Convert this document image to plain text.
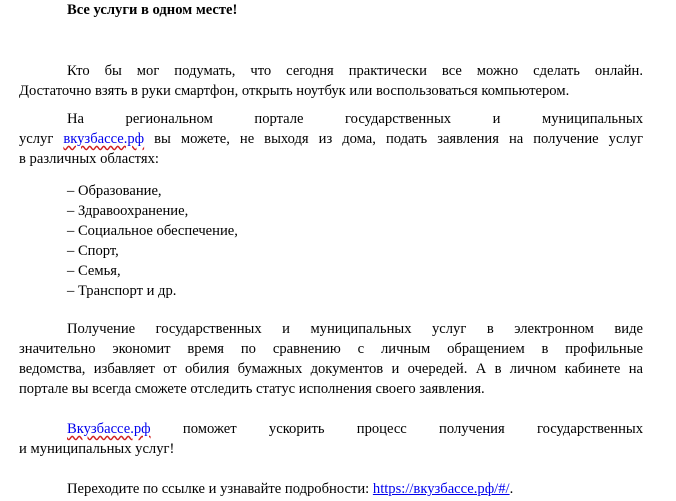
Все услуги в одном месте!

Кто бы мог подумать, что сегодня практически все можно сделать онлайн.
Достаточно взять в руки смартфон, открыть ноутбук или воспользоваться компьютером.

На региональном портале государственных и муниципальных
услуг вкузбассе.рф вы можете, не выходя из дома, подать заявления на получение услуг
в различных областях:

– Образование,
– Здравоохранение,
– Социальное обеспечение,
– Спорт,
– Семья,
– Транспорт и др.

Получение государственных и муниципальных услуг в электронном виде
значительно экономит время по сравнению с личным обращением в профильные
ведомства, избавляет от обилия бумажных документов и очередей. А в личном кабинете на
портале вы всегда сможете отследить статус исполнения своего заявления.

Вкузбассе.рф поможет ускорить процесс получения государственных
и муниципальных услуг!

Переходите по ссылке и узнавайте подробности: https://вкузбассе.рф/#/.
